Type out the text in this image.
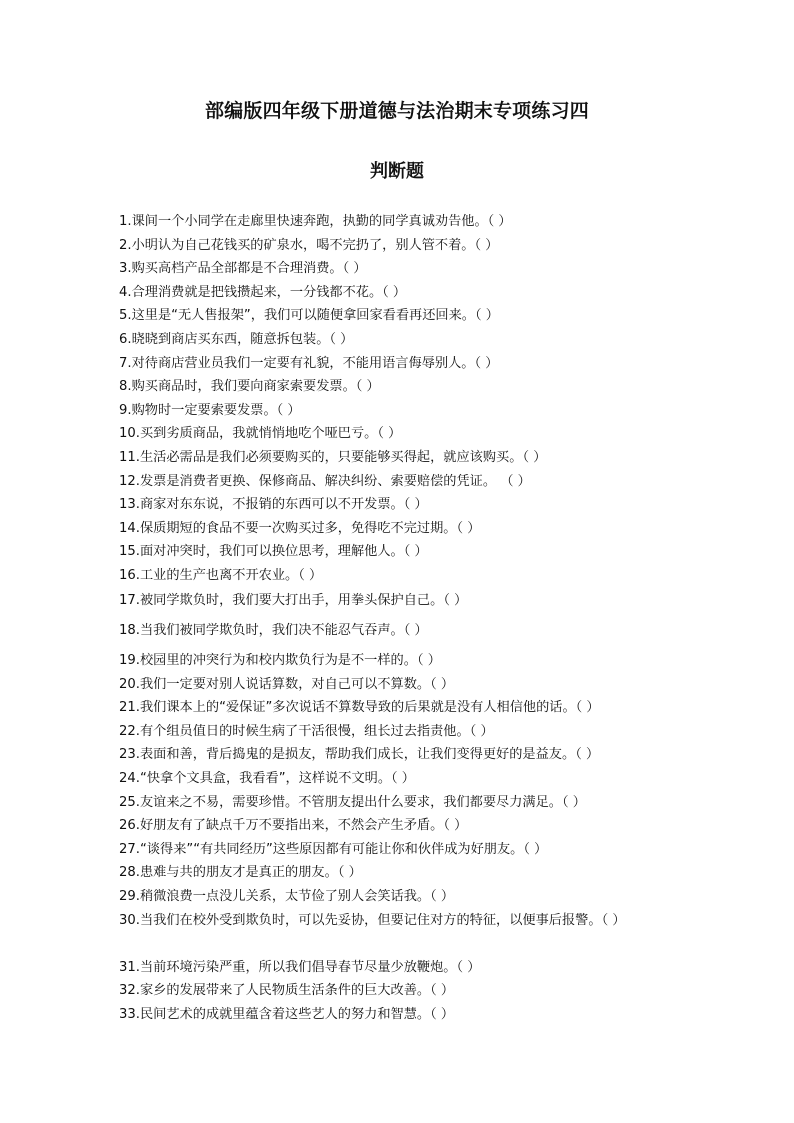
部编版四年级下册道德与法治期末专项练习四
判断题
1.课间一个小同学在走廊里快速奔跑，执勤的同学真诚劝告他。（ ）
2.小明认为自己花钱买的矿泉水，喝不完扔了，别人管不着。（ ）
3.购买高档产品全部都是不合理消费。（ ）
4.合理消费就是把钱攒起来，一分钱都不花。（ ）
5.这里是“无人售报架”，我们可以随便拿回家看看再还回来。（ ）
6.晓晓到商店买东西，随意拆包装。（ ）
7.对待商店营业员我们一定要有礼貌，不能用语言侮辱别人。（ ）
8.购买商品时，我们要向商家索要发票。（ ）
9.购物时一定要索要发票。（ ）
10.买到劣质商品，我就悄悄地吃个哑巴亏。（ ）
11.生活必需品是我们必须要购买的，只要能够买得起，就应该购买。（ ）
12.发票是消费者更换、保修商品、解决纠纷、索要赔偿的凭证。 （ ）
13.商家对东东说，不报销的东西可以不开发票。（ ）
14.保质期短的食品不要一次购买过多，免得吃不完过期。（ ）
15.面对冲突时，我们可以换位思考，理解他人。（ ）
16.工业的生产也离不开农业。（ ）
17.被同学欺负时，我们要大打出手，用拳头保护自己。（ ）
18.当我们被同学欺负时，我们决不能忍气吞声。（ ）
19.校园里的冲突行为和校内欺负行为是不一样的。（ ）
20.我们一定要对别人说话算数，对自己可以不算数。（ ）
21.我们课本上的“爱保证”多次说话不算数导致的后果就是没有人相信他的话。（ ）
22.有个组员值日的时候生病了干活很慢，组长过去指责他。（ ）
23.表面和善，背后捣鬼的是损友，帮助我们成长，让我们变得更好的是益友。（ ）
24.“快拿个文具盒，我看看”，这样说不文明。（ ）
25.友谊来之不易，需要珍惜。不管朋友提出什么要求，我们都要尽力满足。（ ）
26.好朋友有了缺点千万不要指出来，不然会产生矛盾。（ ）
27.“谈得来”“有共同经历”这些原因都有可能让你和伙伴成为好朋友。（ ）
28.患难与共的朋友才是真正的朋友。（ ）
29.稍微浪费一点没儿关系，太节俭了别人会笑话我。（ ）
30.当我们在校外受到欺负时，可以先妥协，但要记住对方的特征，以便事后报警。（ ）
31.当前环境污染严重，所以我们倡导春节尽量少放鞭炮。（ ）
32.家乡的发展带来了人民物质生活条件的巨大改善。（ ）
33.民间艺术的成就里蕴含着这些艺人的努力和智慧。（ ）
